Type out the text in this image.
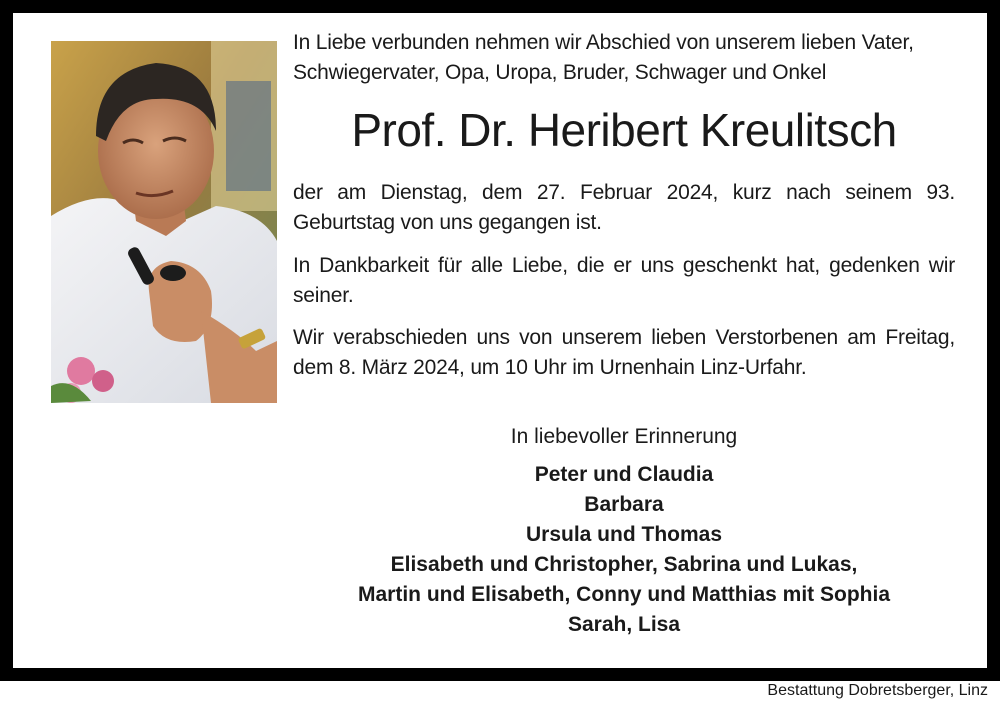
In Liebe verbunden nehmen wir Abschied von unserem lieben Vater, Schwiegervater, Opa, Uropa, Bruder, Schwager und Onkel

Prof. Dr. Heribert Kreulitsch

der am Dienstag, dem 27. Februar 2024, kurz nach seinem 93. Geburtstag von uns gegangen ist.

In Dankbarkeit für alle Liebe, die er uns geschenkt hat, gedenken wir seiner.

Wir verabschieden uns von unserem lieben Verstorbenen am Freitag, dem 8. März 2024, um 10 Uhr im Urnenhain Linz-Urfahr.

In liebevoller Erinnerung
Peter und Claudia
Barbara
Ursula und Thomas
Elisabeth und Christopher, Sabrina und Lukas,
Martin und Elisabeth, Conny und Matthias mit Sophia
Sarah, Lisa
Bestattung Dobretsberger, Linz
